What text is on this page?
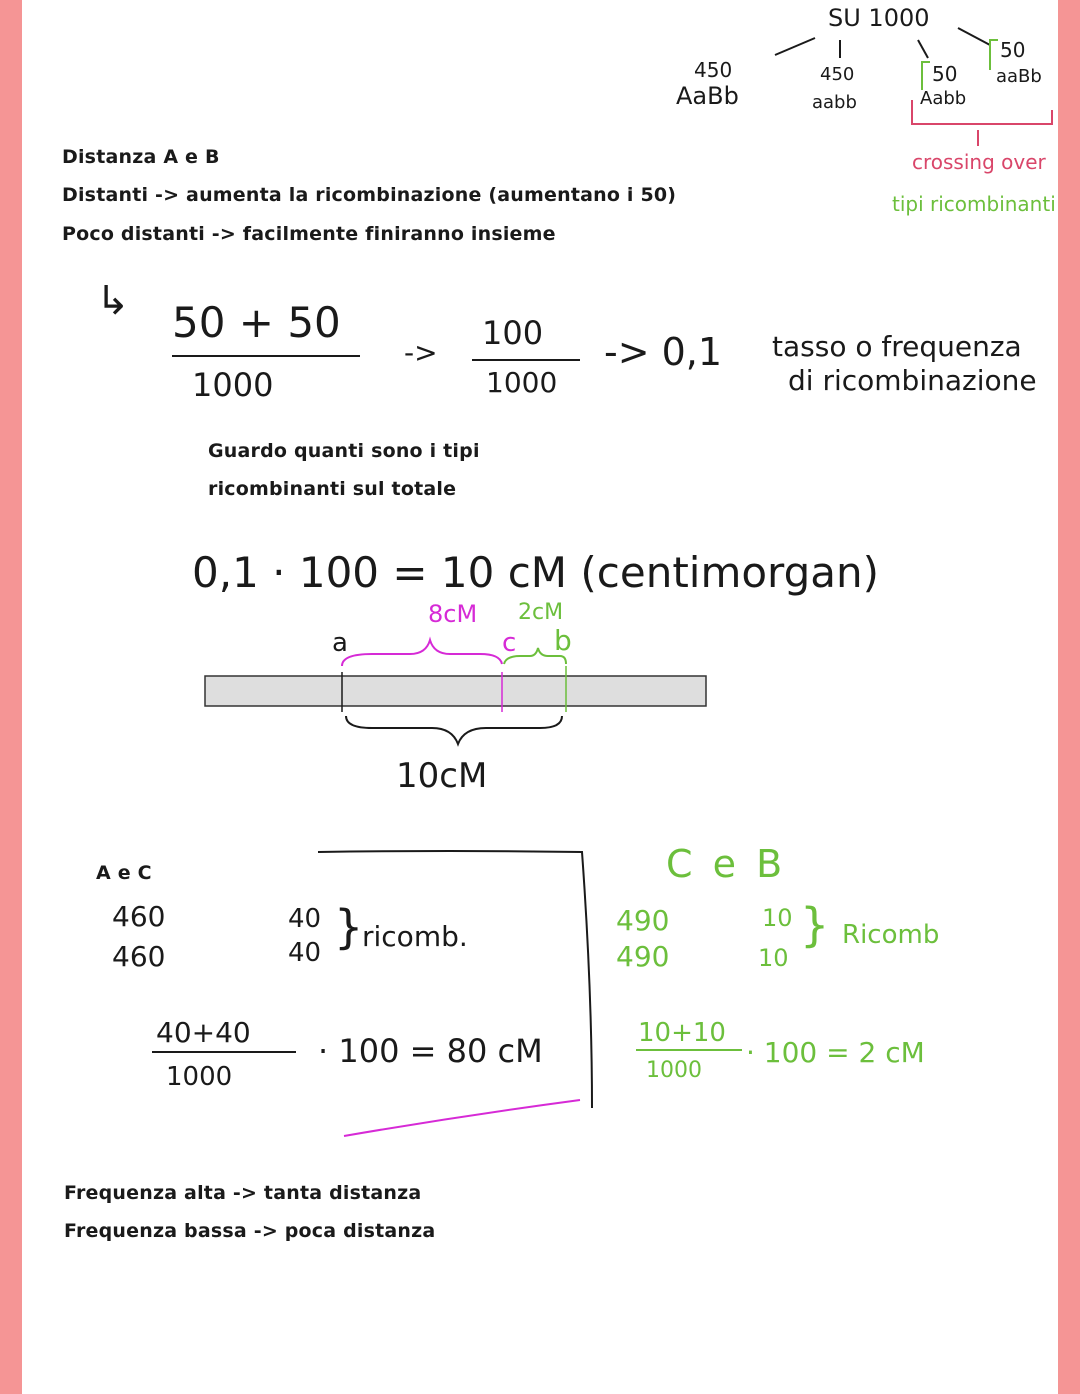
SU 1000
450
AaBb
450
aabb
50
Aabb
50
aaBb
crossing over
tipi ricombinanti
Distanza A e B
Distanti -> aumenta la ricombinazione (aumentano i 50)
Poco distanti -> facilmente finiranno insieme
↳ 50 + 50
1000
->
100
1000
-> 0,1 tasso o frequenza
di ricombinazione
Guardo quanti sono i tipi
ricombinanti sul totale
0,1 · 100 = 10 cM (centimorgan)
8cM 2cM
a	c b
10cM
A e C
460
460
40
40 }
ricomb.
40+40
1000
· 100 = 80 cM
C e B
490
490
10
10
} Ricomb
10+10
1000
· 100 = 2 cM
Frequenza alta -> tanta distanza
Frequenza bassa -> poca distanza
